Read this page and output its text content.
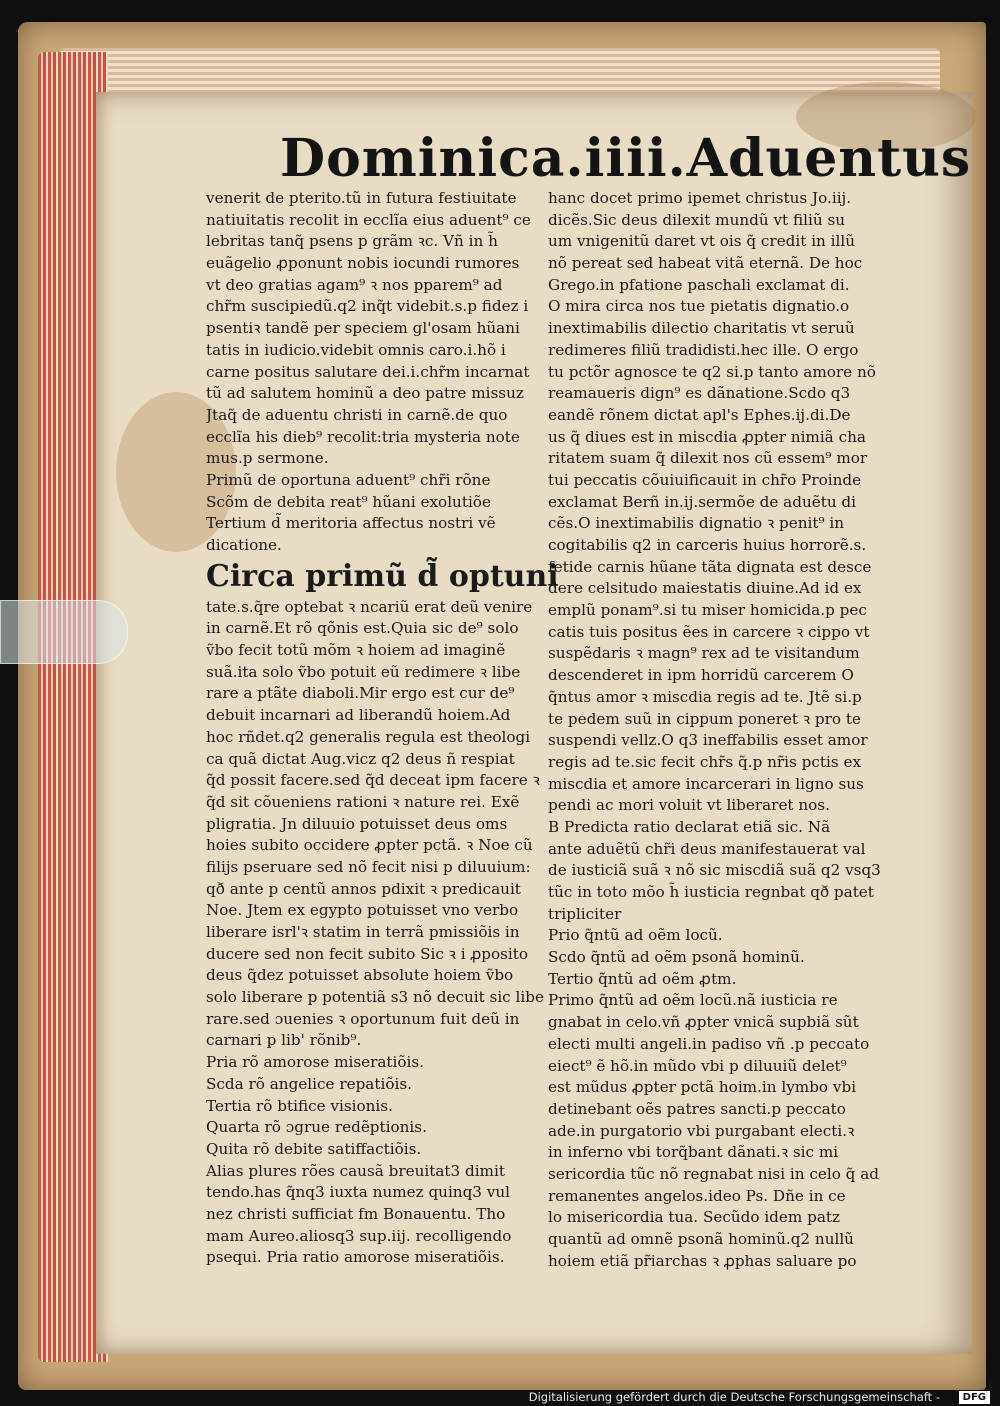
Dominica.iiii.Aduentus
venerit de pterito.tũ in futura festiuitate
natiuitatis recolit in ecclĩa eius aduent⁹ ce
lebritas tanq̃ psens p grãm ꝛc. Vñ in h̃
euãgelio ꝓponunt nobis iocundi rumores
vt deo gratias agam⁹ ꝛ nos pparem⁹ ad
chr̃m suscipiedũ.q2 inq̃t videbit.s.p fidez i
psentiꝛ tandẽ per speciem gl'osam hũani
tatis in iudicio.videbit omnis caro.i.hõ i
carne positus salutare dei.i.chr̃m incarnat
tũ ad salutem hominũ a deo patre missuz
Jtaq̃ de aduentu christi in carnẽ.de quo
ecclĩa his dieb⁹ recolit:tria mysteria note
mus.p sermone.
Primũ de oportuna aduent⁹ chr̃i rõne
Scõm de debita reat⁹ hũani exolutiõe
Tertium d̃ meritoria affectus nostri vẽ
dicatione.
Circa primũ d̃ optuni
tate.s.q̃re optebat ꝛ ncariũ erat deũ venire
in carnẽ.Et rõ qõnis est.Quia sic de⁹ solo
ṽbo fecit totũ mõm ꝛ hoiem ad imaginẽ
suã.ita solo ṽbo potuit eũ redimere ꝛ libe
rare a ptãte diaboli.Mir ergo est cur de⁹
debuit incarnari ad liberandũ hoiem.Ad
hoc rñdet.q2 generalis regula est theologi
ca quã dictat Aug.vicz q2 deus ñ respiat
q̃d possit facere.sed q̃d deceat ipm facere ꝛ
q̃d sit cõueniens rationi ꝛ nature rei. Exẽ
pligratia. Jn diluuio potuisset deus oms
hoies subito occidere ꝓpter pctã. ꝛ Noe cũ
filijs pseruare sed nõ fecit nisi p diluuium:
qð ante p centũ annos pdixit ꝛ predicauit
Noe. Jtem ex egypto potuisset vno verbo
liberare isrl'ꝛ statim in terrã pmissiõis in
ducere sed non fecit subito Sic ꝛ i ꝓposito
deus q̃dez potuisset absolute hoiem ṽbo
solo liberare p potentiã s3 nõ decuit sic libe
rare.sed ɔuenies ꝛ oportunum fuit deũ in
carnari p lib' rõnib⁹.
Pria rõ amorose miseratiõis.
Scda rõ angelice repatiõis.
Tertia rõ btifice visionis.
Quarta rõ ɔgrue redẽptionis.
Quita rõ debite satiffactiõis.
Alias plures rões causã breuitat3 dimit
tendo.has q̃nq3 iuxta numez quinq3 vul
nez christi sufficiat fm Bonauentu. Tho
mam Aureo.aliosq3 sup.iij. recolligendo
psequi. Pria ratio amorose miseratiõis.
hanc docet primo ipemet christus Jo.iij.
dicẽs.Sic deus dilexit mundũ vt filiũ su
um vnigenitũ daret vt ois q̃ credit in illũ
nõ pereat sed habeat vitã eternã. De hoc
Grego.in pfatione paschali exclamat di.
O mira circa nos tue pietatis dignatio.o
inextimabilis dilectio charitatis vt seruũ
redimeres filiũ tradidisti.hec ille. O ergo
tu pctõr agnosce te q2 si.p tanto amore nõ
reamaueris dign⁹ es dãnatione.Scdo q3
eandẽ rõnem dictat apl's Ephes.ij.di.De
us q̃ diues est in miscdia ꝓpter nimiã cha
ritatem suam q̃ dilexit nos cũ essem⁹ mor
tui peccatis cõuiuificauit in chr̃o Proinde
exclamat Berñ in.ij.sermõe de aduẽtu di
cẽs.O inextimabilis dignatio ꝛ penit⁹ in
cogitabilis q2 in carceris huius horrorẽ.s.
fetide carnis hũane tãta dignata est desce
dere celsitudo maiestatis diuine.Ad id ex
emplũ ponam⁹.si tu miser homicida.p pec
catis tuis positus ẽes in carcere ꝛ cippo vt
suspẽdaris ꝛ magn⁹ rex ad te visitandum
descenderet in ipm horridũ carcerem O
q̃ntus amor ꝛ miscdia regis ad te. Jtẽ si.p
te pedem suũ in cippum poneret ꝛ pro te
suspendi vellz.O q3 ineffabilis esset amor
regis ad te.sic fecit chr̃s q̃.p nr̃is pctis ex
miscdia et amore incarcerari in ligno sus
pendi ac mori voluit vt liberaret nos.
B Predicta ratio declarat etiã sic. Nã
ante aduẽtũ chr̃i deus manifestauerat val
de iusticiã suã ꝛ nõ sic miscdiã suã q2 vsq3
tũc in toto mõo h̃ iusticia regnbat qð patet
tripliciter
Prio q̃ntũ ad oẽm locũ.
Scdo q̃ntũ ad oẽm psonã hominũ.
Tertio q̃ntũ ad oẽm ꝓtm.
Primo q̃ntũ ad oẽm locũ.nã iusticia re
gnabat in celo.vñ ꝓpter vnicã supbiã sũt
electi multi angeli.in padiso vñ .p peccato
eiect⁹ ẽ hõ.in mũdo vbi p diluuiũ delet⁹
est mũdus ꝓpter pctã hoim.in lymbo vbi
detinebant oẽs patres sancti.p peccato
ade.in purgatorio vbi purgabant electi.ꝛ
in inferno vbi torq̃bant dãnati.ꝛ sic mi
sericordia tũc nõ regnabat nisi in celo q̃ ad
remanentes angelos.ideo Ps. Dñe in ce
lo misericordia tua. Secũdo idem patz
quantũ ad omnẽ psonã hominũ.q2 nullũ
hoiem etiã pr̃iarchas ꝛ ꝓphas saluare po
Digitalisierung gefördert durch die Deutsche Forschungsgemeinschaft -	DFG
